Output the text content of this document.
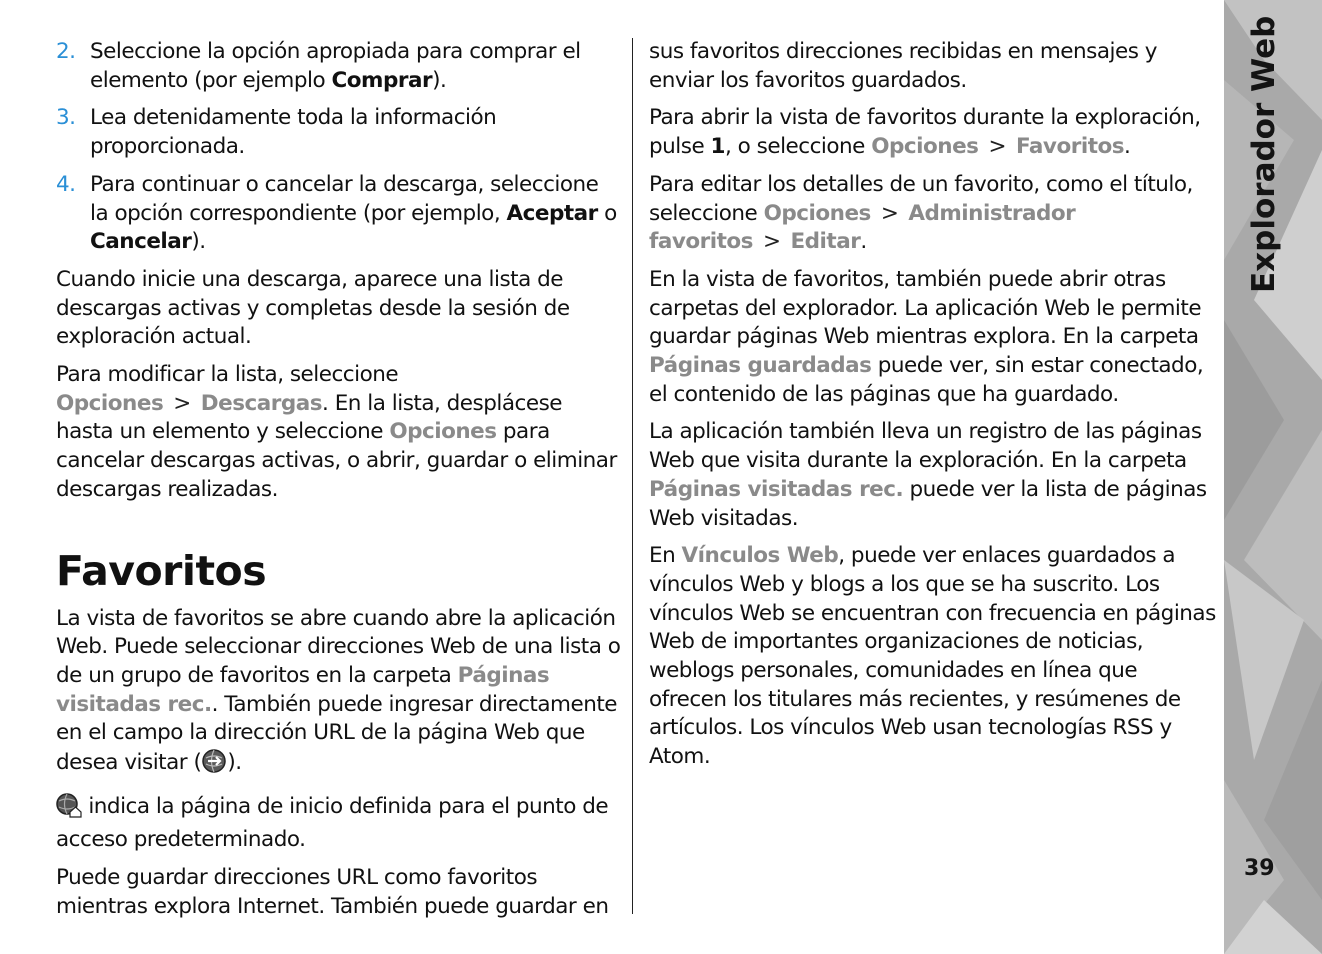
2. Seleccione la opción apropiada para comprar el elemento (por ejemplo Comprar).
3. Lea detenidamente toda la información proporcionada.
4. Para continuar o cancelar la descarga, seleccione la opción correspondiente (por ejemplo, Aceptar o Cancelar).

Cuando inicie una descarga, aparece una lista de descargas activas y completas desde la sesión de exploración actual.

Para modificar la lista, seleccione Opciones > Descargas. En la lista, desplácese hasta un elemento y seleccione Opciones para cancelar descargas activas, o abrir, guardar o eliminar descargas realizadas.

Favoritos

La vista de favoritos se abre cuando abre la aplicación Web. Puede seleccionar direcciones Web de una lista o de un grupo de favoritos en la carpeta Páginas visitadas rec.. También puede ingresar directamente en el campo la dirección URL de la página Web que desea visitar ( ).

indica la página de inicio definida para el punto de acceso predeterminado.

Puede guardar direcciones URL como favoritos mientras explora Internet. También puede guardar en

sus favoritos direcciones recibidas en mensajes y enviar los favoritos guardados.

Para abrir la vista de favoritos durante la exploración, pulse 1, o seleccione Opciones > Favoritos.

Para editar los detalles de un favorito, como el título, seleccione Opciones > Administrador favoritos > Editar.

En la vista de favoritos, también puede abrir otras carpetas del explorador. La aplicación Web le permite guardar páginas Web mientras explora. En la carpeta Páginas guardadas puede ver, sin estar conectado, el contenido de las páginas que ha guardado.

La aplicación también lleva un registro de las páginas Web que visita durante la exploración. En la carpeta Páginas visitadas rec. puede ver la lista de páginas Web visitadas.

En Vínculos Web, puede ver enlaces guardados a vínculos Web y blogs a los que se ha suscrito. Los vínculos Web se encuentran con frecuencia en páginas Web de importantes organizaciones de noticias, weblogs personales, comunidades en línea que ofrecen los titulares más recientes, y resúmenes de artículos. Los vínculos Web usan tecnologías RSS y Atom.

Explorador Web
39
